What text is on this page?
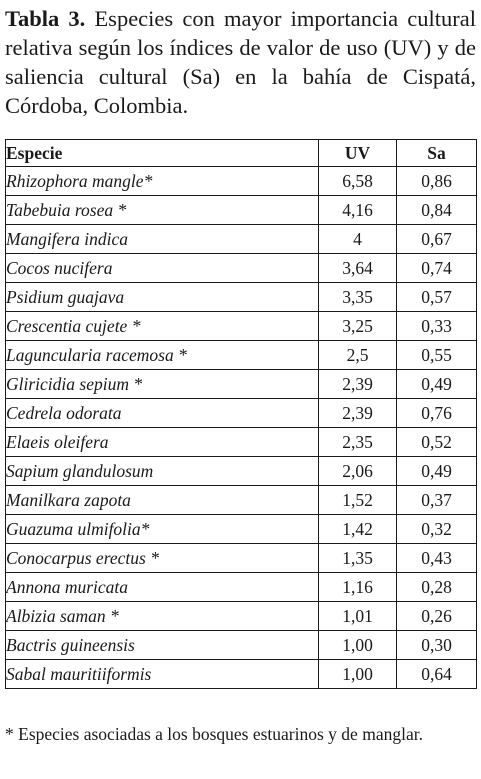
Tabla 3. Especies con mayor importancia cultural relativa según los índices de valor de uso (UV) y de saliencia cultural (Sa) en la bahía de Cispatá, Córdoba, Colombia.
Especie	UV	Sa
Rhizophora mangle*	6,58	0,86
Tabebuia rosea *	4,16	0,84
Mangifera indica	4	0,67
Cocos nucifera	3,64	0,74
Psidium guajava	3,35	0,57
Crescentia cujete *	3,25	0,33
Laguncularia racemosa *	2,5	0,55
Gliricidia sepium *	2,39	0,49
Cedrela odorata	2,39	0,76
Elaeis oleifera	2,35	0,52
Sapium glandulosum	2,06	0,49
Manilkara zapota	1,52	0,37
Guazuma ulmifolia*	1,42	0,32
Conocarpus erectus *	1,35	0,43
Annona muricata	1,16	0,28
Albizia saman *	1,01	0,26
Bactris guineensis	1,00	0,30
Sabal mauritiiformis	1,00	0,64
* Especies asociadas a los bosques estuarinos y de manglar.
